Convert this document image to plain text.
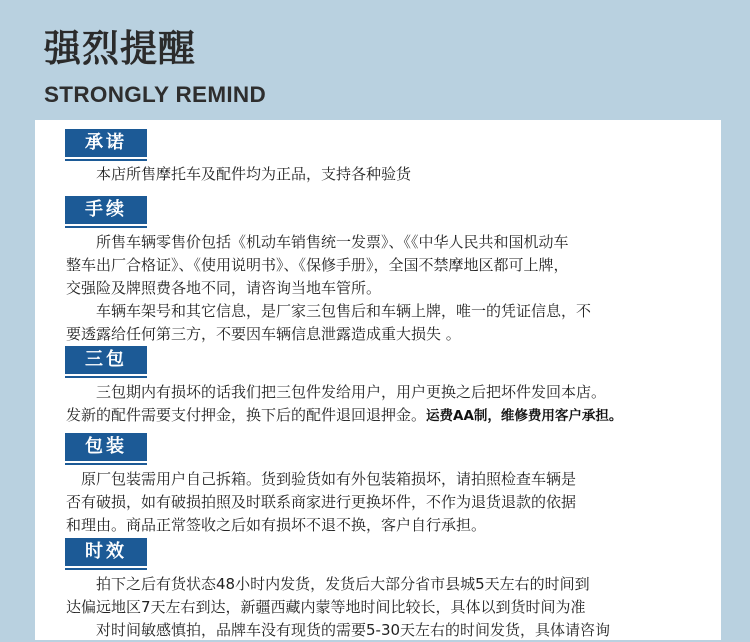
强烈提醒
STRONGLY REMIND
承诺
　　本店所售摩托车及配件均为正品，支持各种验货
手续
　　所售车辆零售价包括《机动车销售统一发票》、《《中华人民共和国机动车
整车出厂合格证》、《使用说明书》、《保修手册》，全国不禁摩地区都可上牌，
交强险及牌照费各地不同，请咨询当地车管所。
　　车辆车架号和其它信息，是厂家三包售后和车辆上牌，唯一的凭证信息，不
要透露给任何第三方，不要因车辆信息泄露造成重大损失 。
三包
　　三包期内有损坏的话我们把三包件发给用户，用户更换之后把坏件发回本店。
发新的配件需要支付押金，换下后的配件退回退押金。运费AA制，维修费用客户承担。
包装
　原厂包装需用户自己拆箱。货到验货如有外包装箱损坏，请拍照检查车辆是
否有破损，如有破损拍照及时联系商家进行更换坏件，不作为退货退款的依据
和理由。商品正常签收之后如有损坏不退不换，客户自行承担。
时效
　　拍下之后有货状态48小时内发货，发货后大部分省市县城5天左右的时间到
达偏远地区7天左右到达，新疆西藏内蒙等地时间比较长，具体以到货时间为准
　　对时间敏感慎拍，品牌车没有现货的需要5-30天左右的时间发货，具体请咨询
